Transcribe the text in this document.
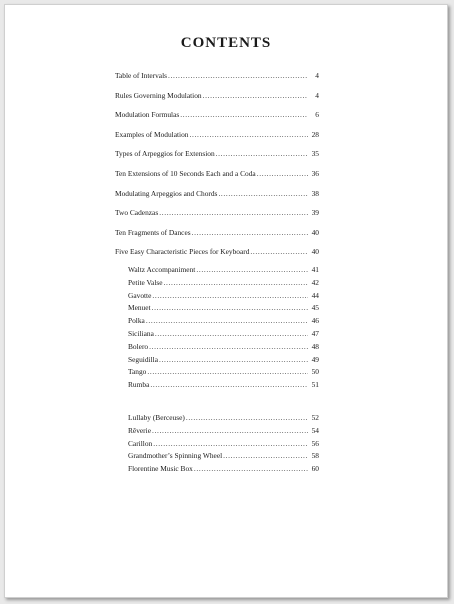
CONTENTS
Table of Intervals . . .	4
Rules Governing Modulation . . .	4
Modulation Formulas . . .	6
Examples of Modulation . . .	28
Types of Arpeggios for Extension . . .	35
Ten Extensions of 10 Seconds Each and a Coda . . .	36
Modulating Arpeggios and Chords . . .	38
Two Cadenzas . . .	39
Ten Fragments of Dances . . .	40
Five Easy Characteristic Pieces for Keyboard . . .	40
Waltz Accompaniment . . .	41
Petite Valse . . .	42
Gavotte . . .	44
Menuet . . .	45
Polka . . .	46
Siciliana . . .	47
Bolero . . .	48
Seguidilla . . .	49
Tango . . .	50
Rumba . . .	51
Lullaby (Berceuse) . . .	52
Rêverie . . .	54
Carillon . . .	56
Grandmother’s Spinning Wheel . . .	58
Florentine Music Box . . .	60
